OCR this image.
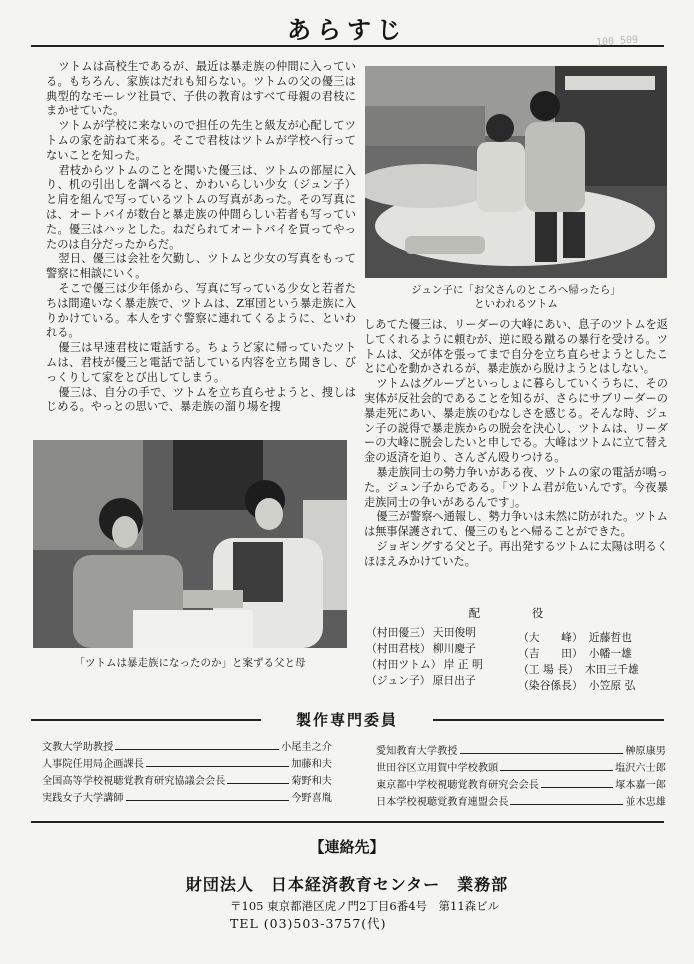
あらすじ	100 509

ツトムは高校生であるが、最近は暴走族の仲間に入っている。もちろん、家族はだれも知らない。ツトムの父の優三は典型的なモーレツ社員で、子供の教育はすべて母親の君枝にまかせていた。

ツトムが学校に来ないので担任の先生と級友が心配してツトムの家を訪ねて来る。そこで君枝はツトムが学校へ行ってないことを知った。

君枝からツトムのことを聞いた優三は、ツトムの部屋に入り、机の引出しを調べると、かわいらしい少女（ジュン子）と肩を組んで写っているツトムの写真があった。その写真には、オートバイが数台と暴走族の仲間らしい若者も写っていた。優三はハッとした。ねだられてオートバイを買ってやったのは自分だったからだ。

翌日、優三は会社を欠勤し、ツトムと少女の写真をもって警察に相談にいく。

そこで優三は少年係から、写真に写っている少女と若者たちは間違いなく暴走族で、ツトムは、Z軍団という暴走族に入りかけている。本人をすぐ警察に連れてくるように、といわれる。

優三は早速君枝に電話する。ちょうど家に帰っていたツトムは、君枝が優三と電話で話している内容を立ち聞きし、びっくりして家をとび出してしまう。

優三は、自分の手で、ツトムを立ち直らせようと、捜しはじめる。やっとの思いで、暴走族の溜り場を捜

ジュン子に「お父さんのところへ帰ったら」
といわれるツトム

しあてた優三は、リーダーの大峰にあい、息子のツトムを返してくれるように頼むが、逆に殴る蹴るの暴行を受ける。ツトムは、父が体を張ってまで自分を立ち直らせようとしたことに心を動かされるが、暴走族から脱けようとはしない。

ツトムはグループといっしょに暮らしていくうちに、その実体が反社会的であることを知るが、さらにサブリーダーの暴走死にあい、暴走族のむなしさを感じる。そんな時、ジュン子の説得で暴走族からの脱会を決心し、ツトムは、リーダーの大峰に脱会したいと申しでる。大峰はツトムに立て替え金の返済を迫り、さんざん殴りつける。

暴走族同士の勢力争いがある夜、ツトムの家の電話が鳴った。ジュン子からである。「ツトム君が危いんです。今夜暴走族同士の争いがあるんです」。

優三が警察へ通報し、勢力争いは未然に防がれた。ツトムは無事保護されて、優三のもとへ帰ることができた。

ジョギングする父と子。再出発するツトムに太陽は明るくほほえみかけていた。

「ツトムは暴走族になったのか」と案ずる父と母
配　役
（村田優三） 天田俊明
（村田君枝） 柳川慶子
（村田ツトム） 岸 正 明
（ジュン子） 原日出子
（大　　峰） 近藤哲也
（吉　　田） 小幡一雄
（工 場 長） 木田三千雄
（染谷係長） 小笠原 弘
製作専門委員
文教大学助教授	小尾圭之介
人事院任用局企画課長	加藤和夫
全国高等学校視聴覚教育研究協議会会長	菊野和夫
実践女子大学講師	今野喜胤
愛知教育大学教授	榊原康男
世田谷区立用賀中学校教頭	塩沢六士郎
東京都中学校視聴覚教育研究会会長	塚本嘉一郎
日本学校視聴覚教育連盟会長	並木忠雄
【連絡先】
財団法人　日本経済教育センター　業務部
〒105 東京都港区虎ノ門2丁目6番4号　第11森ビル
TEL (03)503-3757(代)
